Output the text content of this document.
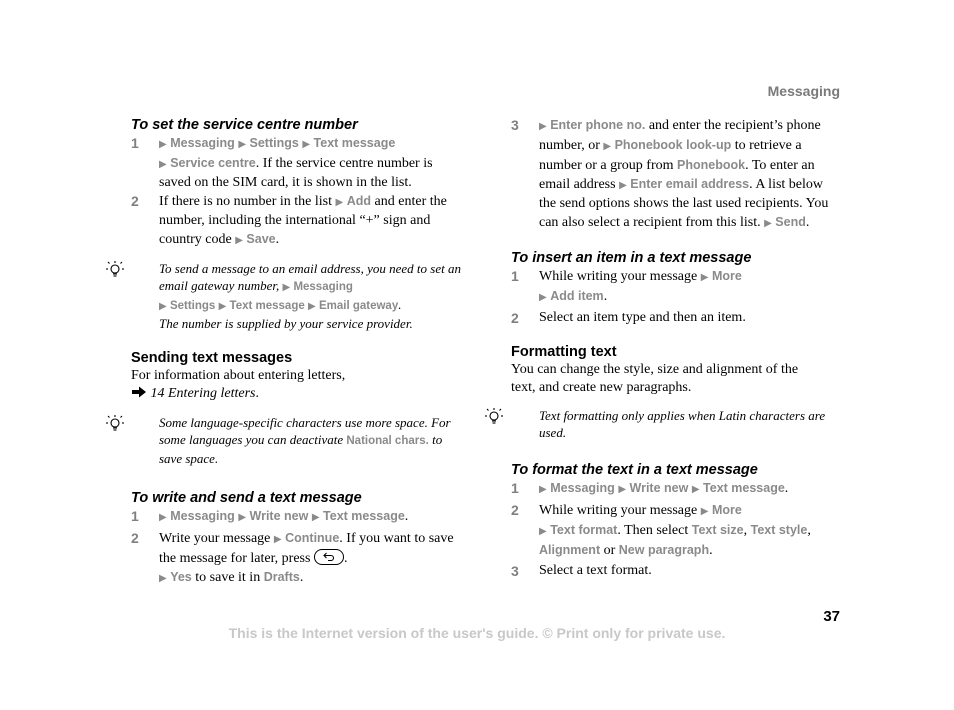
Messaging

To set the service centre number

1	▶ Messaging ▶ Settings ▶ Text message
▶ Service centre. If the service centre number is saved on the SIM card, it is shown in the list.
2	If there is no number in the list ▶ Add and enter the number, including the international “+” sign and country code ▶ Save.
To send a message to an email address, you need to set an email gateway number, ▶ Messaging
▶ Settings ▶ Text message ▶ Email gateway.
The number is supplied by your service provider.

Sending text messages

For information about entering letters,
14 Entering letters.
Some language-specific characters use more space. For some languages you can deactivate National chars. to save space.

To write and send a text message

1	▶ Messaging ▶ Write new ▶ Text message.
2	Write your message ▶ Continue. If you want to save the message for later, press
.
▶ Yes to save it in Drafts.
3	▶ Enter phone no. and enter the recipient’s phone number, or ▶ Phonebook look-up to retrieve a number or a group from Phonebook. To enter an email address ▶ Enter email address. A list below the send options shows the last used recipients. You can also select a recipient from this list. ▶ Send.

To insert an item in a text message

1	While writing your message ▶ More
▶ Add item.
2	Select an item type and then an item.

Formatting text

You can change the style, size and alignment of the text, and create new paragraphs.
Text formatting only applies when Latin characters are used.

To format the text in a text message

1	▶ Messaging ▶ Write new ▶ Text message.
2	While writing your message ▶ More
▶ Text format. Then select Text size, Text style,
Alignment or New paragraph.
3	Select a text format.
37
This is the Internet version of the user's guide. © Print only for private use.
